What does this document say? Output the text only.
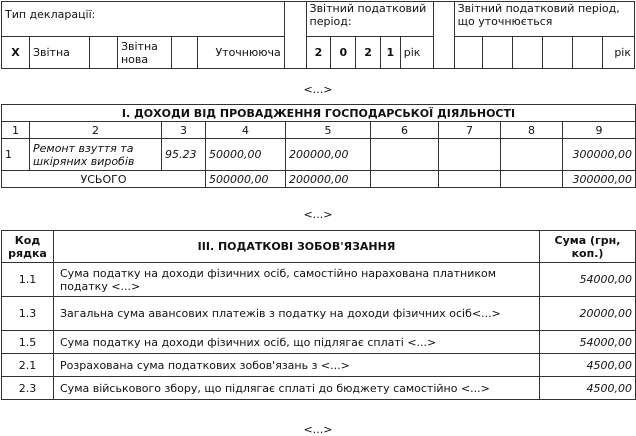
Тип декларації:							Звітний податковий період:						Звітний податковий період, що уточнюється					
X	Звітна		Звітна нова		Уточнююча		2	0	2	1	рік							рік
<...>
І. ДОХОДИ ВІД ПРОВАДЖЕННЯ ГОСПОДАРСЬКОЇ ДІЯЛЬНОСТІ								
1	2	3	4	5	6	7	8	9
1	Ремонт взуття та шкіряних виробів	95.23	50000,00	200000,00				300000,00
УСЬОГО			500000,00	200000,00				300000,00
<...>
Код рядка	ІІІ. ПОДАТКОВІ ЗОБОВ'ЯЗАННЯ	Сума (грн, коп.)
1.1	Сума податку на доходи фізичних осіб, самостійно нарахована платником податку <...>	54000,00
1.3	Загальна сума авансових платежів з податку на доходи фізичних осіб<...>	20000,00
1.5	Сума податку на доходи фізичних осіб, що підлягає сплаті <...>	54000,00
2.1	Розрахована сума податкових зобов'язань з <...>	4500,00
2.3	Сума військового збору, що підлягає сплаті до бюджету самостійно <...>	4500,00
<...>
